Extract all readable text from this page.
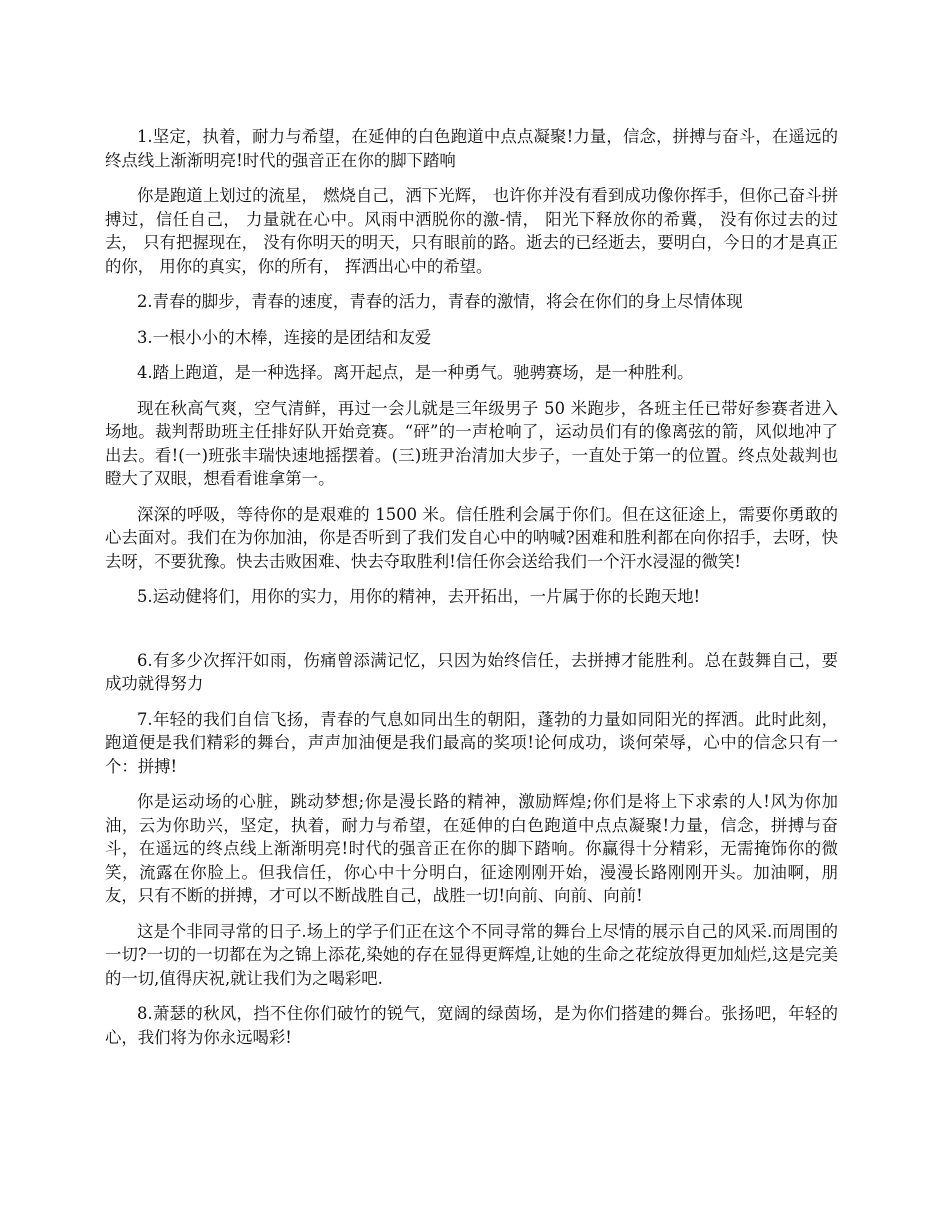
1.坚定，执着，耐力与希望，在延伸的白色跑道中点点凝聚!力量，信念，拼搏与奋斗，在遥远的终点线上渐渐明亮!时代的强音正在你的脚下踏响

你是跑道上划过的流星， 燃烧自己，洒下光辉， 也许你并没有看到成功像你挥手，但你己奋斗拼搏过，信任自己， 力量就在心中。风雨中洒脱你的激-情， 阳光下释放你的希冀， 没有你过去的过去， 只有把握现在， 没有你明天的明天，只有眼前的路。逝去的已经逝去，要明白，今日的才是真正的你， 用你的真实，你的所有， 挥洒出心中的希望。

2.青春的脚步，青春的速度，青春的活力，青春的激情，将会在你们的身上尽情体现

3.一根小小的木棒，连接的是团结和友爱

4.踏上跑道，是一种选择。离开起点，是一种勇气。驰骋赛场，是一种胜利。

现在秋高气爽，空气清鲜，再过一会儿就是三年级男子 50 米跑步，各班主任已带好参赛者进入场地。裁判帮助班主任排好队开始竞赛。“砰”的一声枪响了，运动员们有的像离弦的箭，风似地冲了出去。看!(一)班张丰瑞快速地摇摆着。(三)班尹治清加大步子，一直处于第一的位置。终点处裁判也瞪大了双眼，想看看谁拿第一。

深深的呼吸，等待你的是艰难的 1500 米。信任胜利会属于你们。但在这征途上，需要你勇敢的心去面对。我们在为你加油，你是否听到了我们发自心中的呐喊?困难和胜利都在向你招手，去呀，快去呀，不要犹豫。快去击败困难、快去夺取胜利!信任你会送给我们一个汗水浸湿的微笑!

5.运动健将们，用你的实力，用你的精神，去开拓出，一片属于你的长跑天地!

6.有多少次挥汗如雨，伤痛曾添满记忆，只因为始终信任，去拼搏才能胜利。总在鼓舞自己，要成功就得努力

7.年轻的我们自信飞扬，青春的气息如同出生的朝阳，蓬勃的力量如同阳光的挥洒。此时此刻，跑道便是我们精彩的舞台，声声加油便是我们最高的奖项!论何成功，谈何荣辱，心中的信念只有一个：拼搏!

你是运动场的心脏，跳动梦想;你是漫长路的精神，激励辉煌;你们是将上下求索的人!风为你加油，云为你助兴，坚定，执着，耐力与希望，在延伸的白色跑道中点点凝聚!力量，信念，拼搏与奋斗，在遥远的终点线上渐渐明亮!时代的强音正在你的脚下踏响。你赢得十分精彩，无需掩饰你的微笑，流露在你脸上。但我信任，你心中十分明白，征途刚刚开始，漫漫长路刚刚开头。加油啊，朋友，只有不断的拼搏，才可以不断战胜自己，战胜一切!向前、向前、向前!

这是个非同寻常的日子.场上的学子们正在这个不同寻常的舞台上尽情的展示自己的风采.而周围的一切?一切的一切都在为之锦上添花,染她的存在显得更辉煌,让她的生命之花绽放得更加灿烂,这是完美的一切,值得庆祝,就让我们为之喝彩吧.

8.萧瑟的秋风，挡不住你们破竹的锐气，宽阔的绿茵场，是为你们搭建的舞台。张扬吧，年轻的心，我们将为你永远喝彩!
